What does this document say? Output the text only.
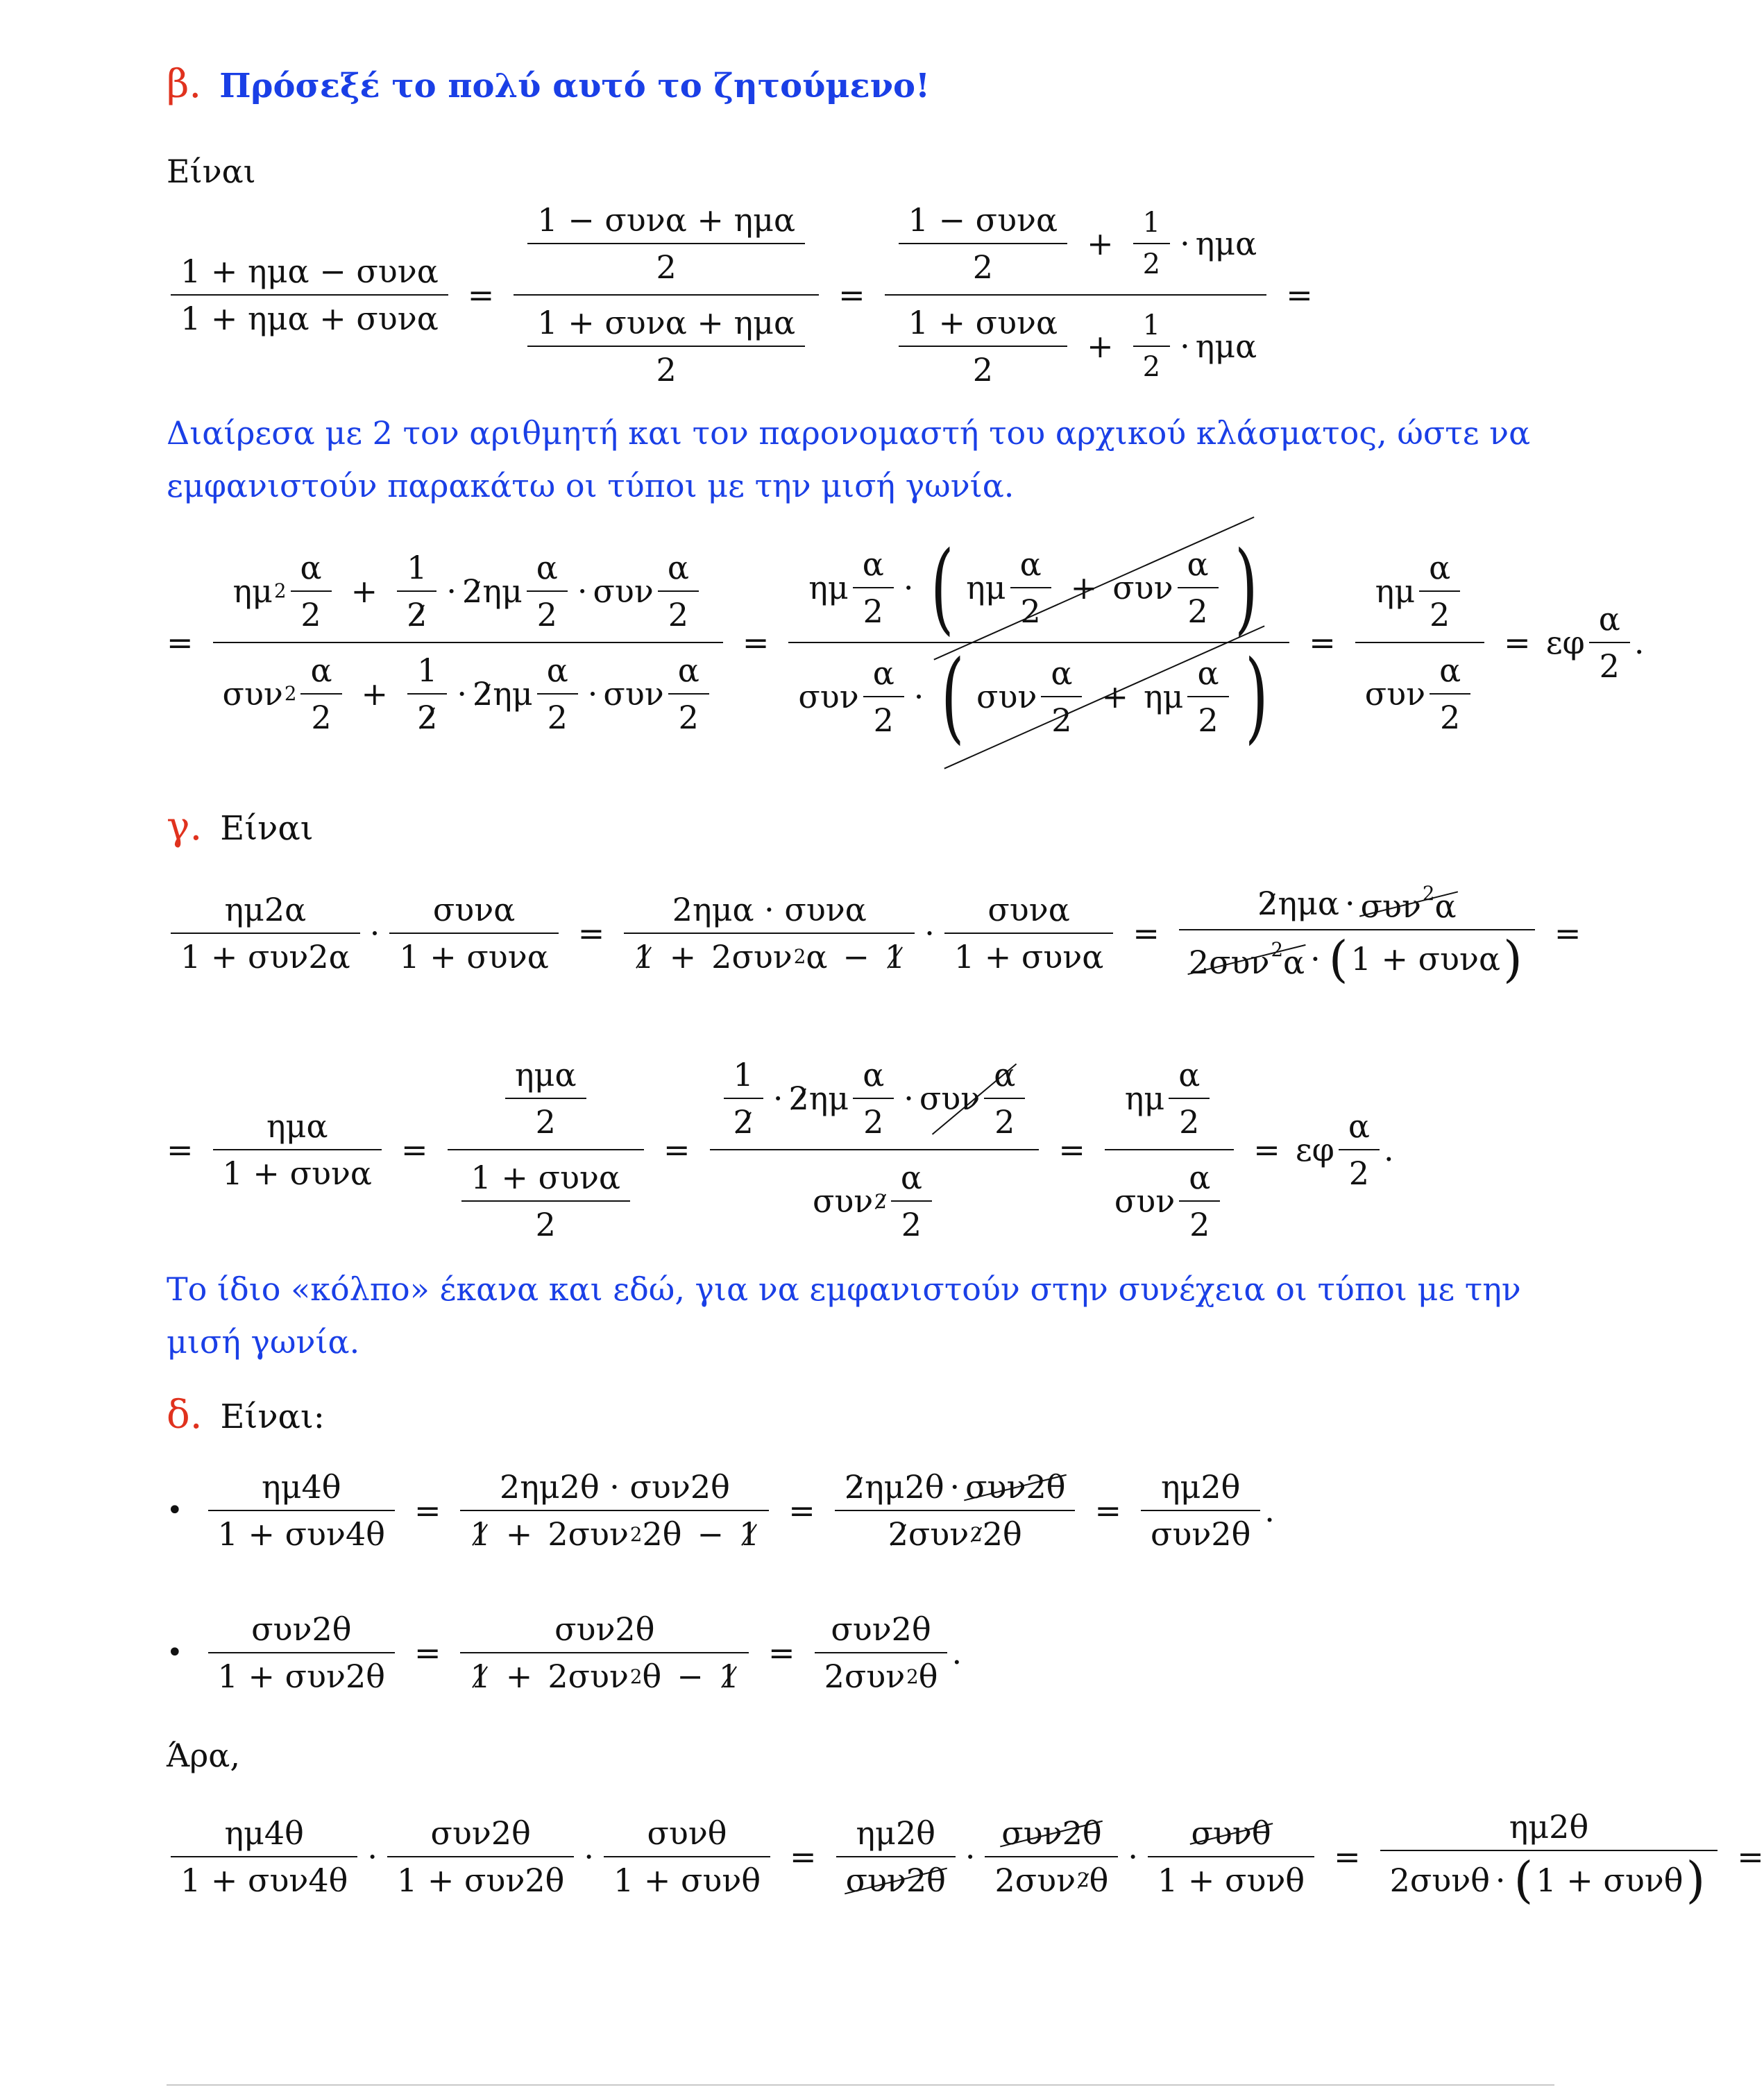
β. Πρόσεξέ το πολύ αυτό το ζητούμενο!
Είναι
$\frac{\text{1 + ημα − συνα}}{\text{1 + ημα + συνα}} = \frac{\frac{\text{1 − συνα + ημα}}{2}}{\frac{\text{1 + συνα + ημα}}{2}} = \frac{\frac{\text{1 − συνα}}{2} + \frac{1}{2} \cdot \eta\mu\alpha}{\frac{\text{1 + συνα}}{2} + \frac{1}{2} \cdot \eta\mu\alpha}$ =
Διαίρεσα με 2 τον αριθμητή και τον παρονομαστή του αρχικού κλάσματος, ώστε να εμφανιστούν παρακάτω οι τύποι με την μισή γωνία.
=
ημ $2 \frac{\alpha}{2} + \frac{1}{2} \cdot 2$ ημ $\frac{\alpha}{2} \cdot \sigma\upsilon\nu \frac{\alpha}{2}$
συν $2 \frac{\alpha}{2} + \frac{1}{2} \cdot 2$ ημ $\frac{\alpha}{2} \cdot \sigma\upsilon\nu \frac{\alpha}{2}$
=
ημ $\frac{\alpha}{2}$ · ( ημ $\frac{\alpha}{2} + \sigma\upsilon\nu \frac{\alpha}{2}$ )
συν $\frac{\alpha}{2}$ · ( συν $\frac{\alpha}{2} + \eta\mu \frac{\alpha}{2}$ ) = $\frac{\eta\mu \frac{\alpha}{2}}{\sigma\upsilon\nu \frac{\alpha}{2}} = \varepsilon\varphi \frac{\alpha}{2}$ .
γ. Είναι
$\frac{\eta\mu 2\alpha}{\text{1 + συν2α}} \cdot \frac{\text{συνα}}{\text{1 + συνα}} = \frac{\text{2ημα · συνα}}{\text{1 + 2συν 2 α − 1}} \cdot \frac{\text{συνα}}{\text{1 + συνα}} = \frac{2 \eta\mu\alpha \cdot \sigma\upsilon\nu^2\alpha}{2\sigma\upsilon\nu^2\alpha \cdot ( 1 + \sigma\upsilon\nu\alpha )}$ =
= $\frac{\text{ημα}}{\text{1 + συνα}} = \frac{\frac{\text{ημα}}{2}}{\frac{\text{1 + συνα}}{2}} = \frac{\frac{1}{2} \cdot 2 \eta\mu \frac{\alpha}{2} \cdot \sigma\upsilon\nu \frac{\alpha}{2}}{\sigma\upsilon\nu 2 \frac{\alpha}{2}} = \frac{\eta\mu \frac{\alpha}{2}}{\sigma\upsilon\nu \frac{\alpha}{2}} = \varepsilon\varphi \frac{\alpha}{2}$ .
Το ίδιο «κόλπο» έκανα και εδώ, για να εμφανιστούν στην συνέχεια οι τύποι με την μισή γωνία.
δ. Είναι:
• $\frac{\eta\mu 4\theta}{\text{1 + συν4θ}} = \frac{\text{2ημ2θ · συν2θ}}{\text{1 + 2συν 2 2θ − 1}} = \frac{\text{2 ημ2θ · συν2θ}}{\text{2 συν 2 2θ}} = \frac{\eta\mu 2\theta}{\text{συν2θ}}$ .
• $\frac{\text{συν2θ}}{\text{1 + συν2θ}} = \frac{\text{συν2θ}}{\text{1 + 2συν 2 θ − 1}} = \frac{\text{συν2θ}}{\text{2συν 2 θ}}$ .
Άρα,
$\frac{\eta\mu 4\theta}{\text{1 + συν4θ}} \cdot \frac{\text{συν2θ}}{\text{1 + συν2θ}} \cdot \frac{\text{συνθ}}{\text{1 + συνθ}} = \frac{\eta\mu 2\theta}{\text{συν2θ}} \cdot \frac{\text{συν2θ}}{\text{2συν 2 θ}} \cdot \frac{\text{συνθ}}{\text{1 + συνθ}} = \frac{\eta\mu 2\theta}{\text{2συνθ · ( 1 + συνθ )}}$ =
